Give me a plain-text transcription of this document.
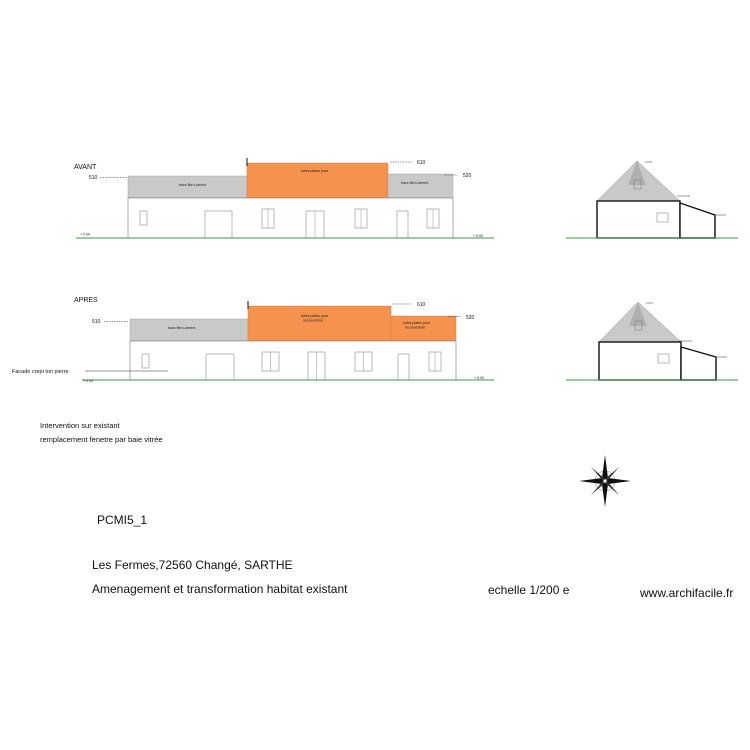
AVANT
510
bacs fibro-ciment
tuiles plates pour
bacs fibro-ciment
610
520
+ 0.00	+ 0.00
APRES
510
bacs fibro-ciment
tuiles plates pour recouverture
tuiles plates pour recouverture
610
520
+ 0.00
+ 0.00
Facade crepi ton pierre
Intervention sur existant
remplacement fenetre par baie vitrée
PCMI5_1
Les Fermes,72560 Changé, SARTHE
Amenagement et transformation habitat existant	echelle 1/200 e	www.archifacile.fr
